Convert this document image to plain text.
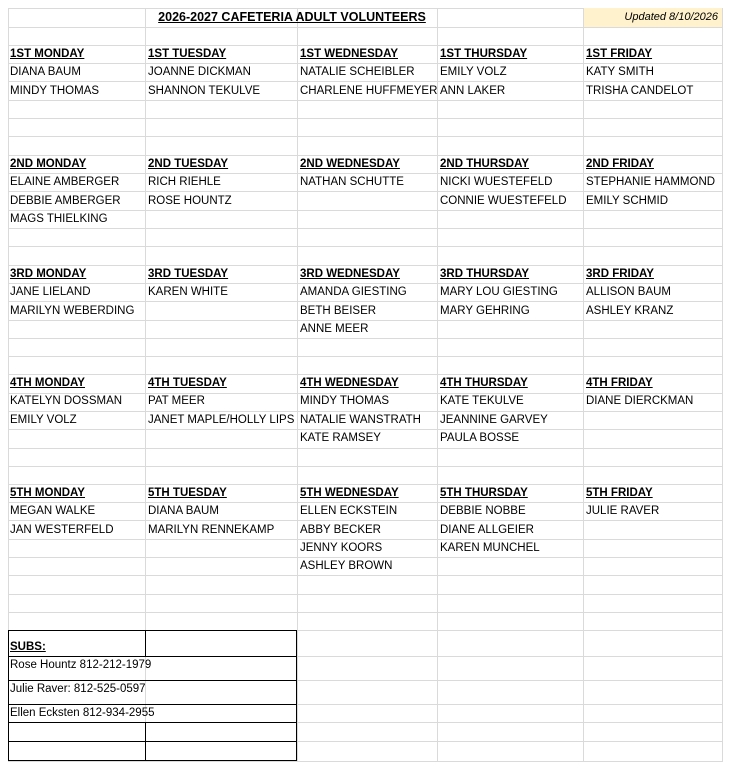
2026-2027 CAFETERIA ADULT VOLUNTEERS	Updated 8/10/2026
1ST MONDAY
DIANA BAUM
MINDY THOMAS
1ST TUESDAY
JOANNE DICKMAN
SHANNON TEKULVE
1ST WEDNESDAY
NATALIE SCHEIBLER
CHARLENE HUFFMEYER
1ST THURSDAY
EMILY VOLZ
ANN LAKER
1ST FRIDAY
KATY SMITH
TRISHA CANDELOT
2ND MONDAY
ELAINE AMBERGER
DEBBIE AMBERGER
MAGS THIELKING
2ND TUESDAY
RICH RIEHLE
ROSE HOUNTZ
2ND WEDNESDAY
NATHAN SCHUTTE
2ND THURSDAY
NICKI WUESTEFELD
CONNIE WUESTEFELD
2ND FRIDAY
STEPHANIE HAMMOND
EMILY SCHMID
3RD MONDAY
JANE LIELAND
MARILYN WEBERDING
3RD TUESDAY
KAREN WHITE
3RD WEDNESDAY
AMANDA GIESTING
BETH BEISER
ANNE MEER
3RD THURSDAY
MARY LOU GIESTING
MARY GEHRING
3RD FRIDAY
ALLISON BAUM
ASHLEY KRANZ
4TH MONDAY
KATELYN DOSSMAN
EMILY VOLZ
4TH TUESDAY
PAT MEER
JANET MAPLE/HOLLY LIPS
4TH WEDNESDAY
MINDY THOMAS
NATALIE WANSTRATH
KATE RAMSEY
4TH THURSDAY
KATE TEKULVE
JEANNINE GARVEY
PAULA BOSSE
4TH FRIDAY
DIANE DIERCKMAN
5TH MONDAY
MEGAN WALKE
JAN WESTERFELD
5TH TUESDAY
DIANA BAUM
MARILYN RENNEKAMP
5TH WEDNESDAY
ELLEN ECKSTEIN
ABBY BECKER
JENNY KOORS
ASHLEY BROWN
5TH THURSDAY
DEBBIE NOBBE
DIANE ALLGEIER
KAREN MUNCHEL
5TH FRIDAY
JULIE RAVER
SUBS:
Rose Hountz 812-212-1979
Julie Raver: 812-525-0597
Ellen Ecksten 812-934-2955
